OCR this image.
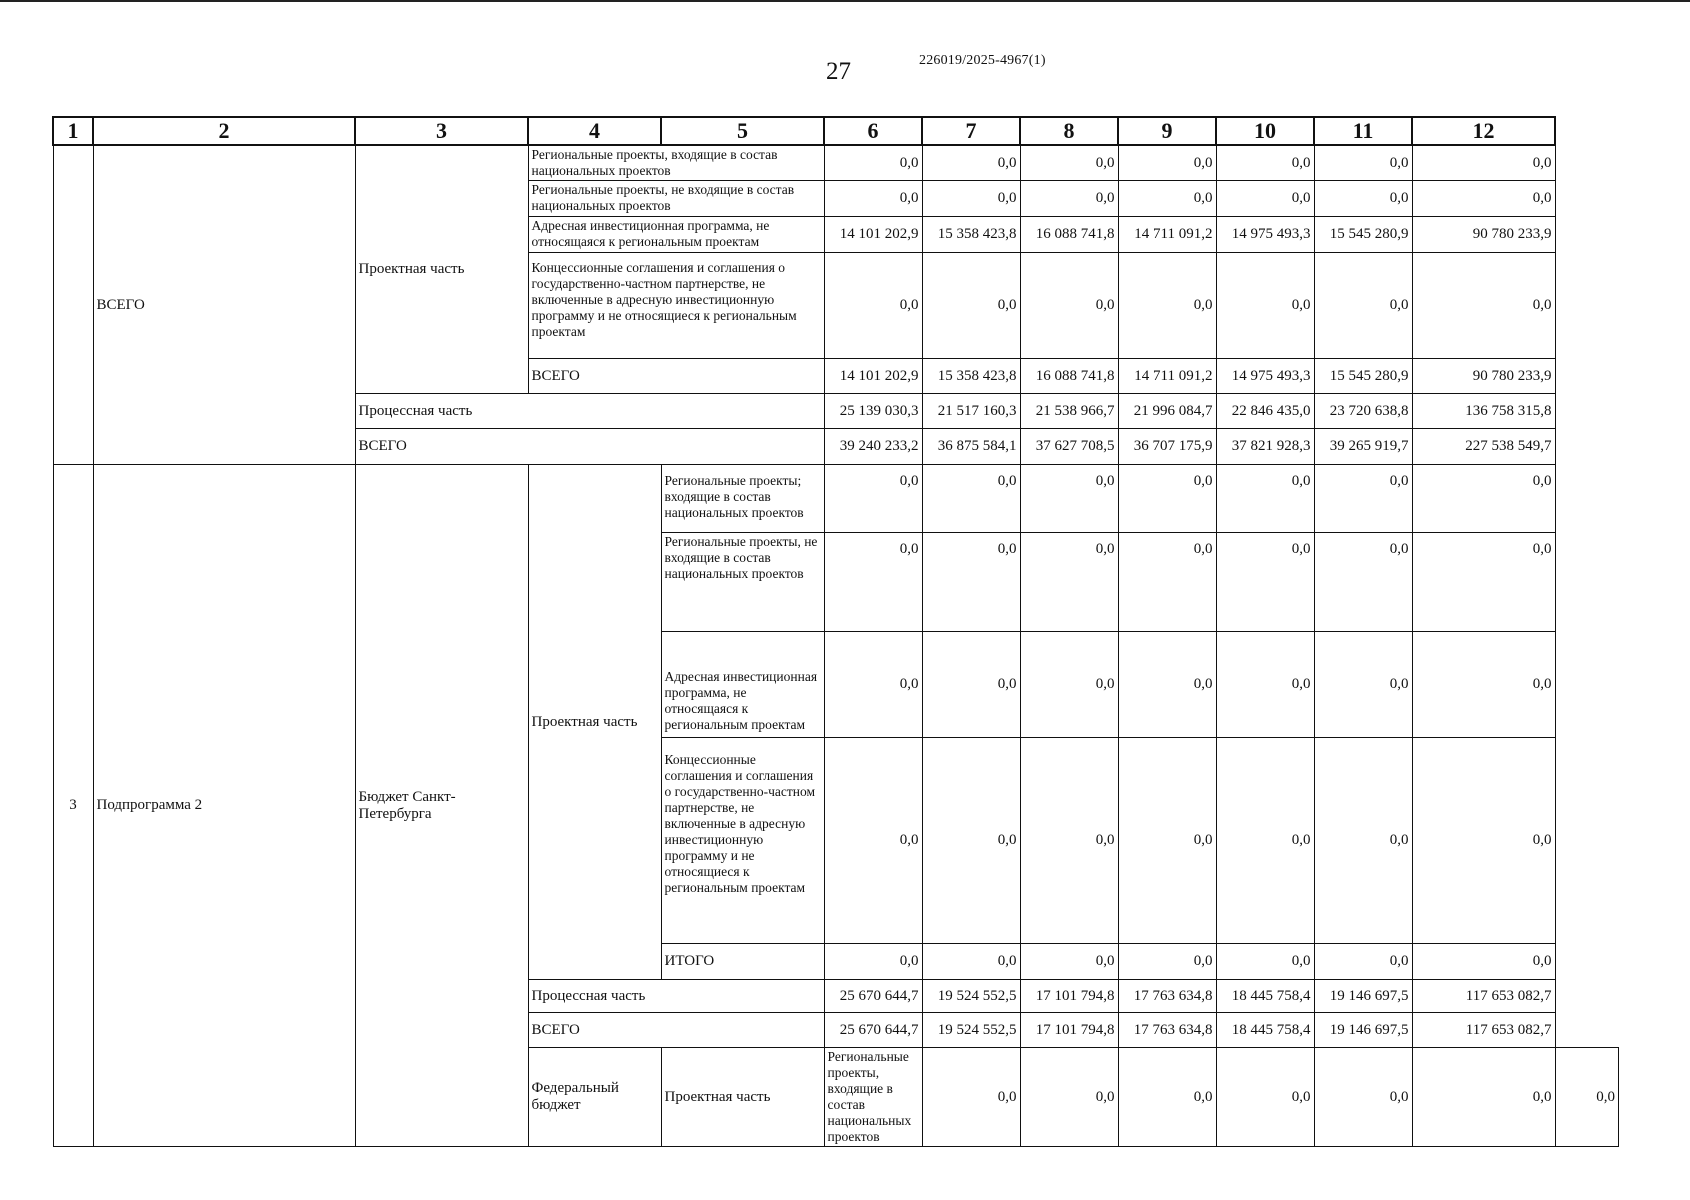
27	226019/2025-4967(1)
1	2	3	4	5	6	7	8	9	10	11	12	
	ВСЕГО	Проектная часть	Региональные проекты, входящие в состав национальных проектов		0,0	0,0	0,0	0,0	0,0	0,0	0,0	
			Региональные проекты, не входящие в состав национальных проектов		0,0	0,0	0,0	0,0	0,0	0,0	0,0	
			Адресная инвестиционная программа, не относящаяся к региональным проектам		14 101 202,9	15 358 423,8	16 088 741,8	14 711 091,2	14 975 493,3	15 545 280,9	90 780 233,9	
			Концессионные соглашения и соглашения о государственно-частном партнерстве, не включенные в адресную инвестиционную программу и не относящиеся к региональным проектам		0,0	0,0	0,0	0,0	0,0	0,0	0,0	
			ВСЕГО		14 101 202,9	15 358 423,8	16 088 741,8	14 711 091,2	14 975 493,3	15 545 280,9	90 780 233,9	
		Процессная часть			25 139 030,3	21 517 160,3	21 538 966,7	21 996 084,7	22 846 435,0	23 720 638,8	136 758 315,8	
		ВСЕГО			39 240 233,2	36 875 584,1	37 627 708,5	36 707 175,9	37 821 928,3	39 265 919,7	227 538 549,7	
3	Подпрограмма 2	Бюджет Санкт-Петербурга	Проектная часть	Региональные проекты; входящие в состав национальных проектов	0,0	0,0	0,0	0,0	0,0	0,0	0,0	
				Региональные проекты, не входящие в состав национальных проектов	0,0	0,0	0,0	0,0	0,0	0,0	0,0	
				Адресная инвестиционная программа, не относящаяся к региональным проектам	0,0	0,0	0,0	0,0	0,0	0,0	0,0	
				Концессионные соглашения и соглашения о государственно-частном партнерстве, не включенные в адресную инвестиционную программу и не относящиеся к региональным проектам	0,0	0,0	0,0	0,0	0,0	0,0	0,0	
				ИТОГО	0,0	0,0	0,0	0,0	0,0	0,0	0,0	
			Процессная часть		25 670 644,7	19 524 552,5	17 101 794,8	17 763 634,8	18 445 758,4	19 146 697,5	117 653 082,7	
			ВСЕГО		25 670 644,7	19 524 552,5	17 101 794,8	17 763 634,8	18 445 758,4	19 146 697,5	117 653 082,7	
			Федеральный бюджет	Проектная часть	Региональные проекты, входящие в состав национальных проектов	0,0	0,0	0,0	0,0	0,0	0,0	0,0
